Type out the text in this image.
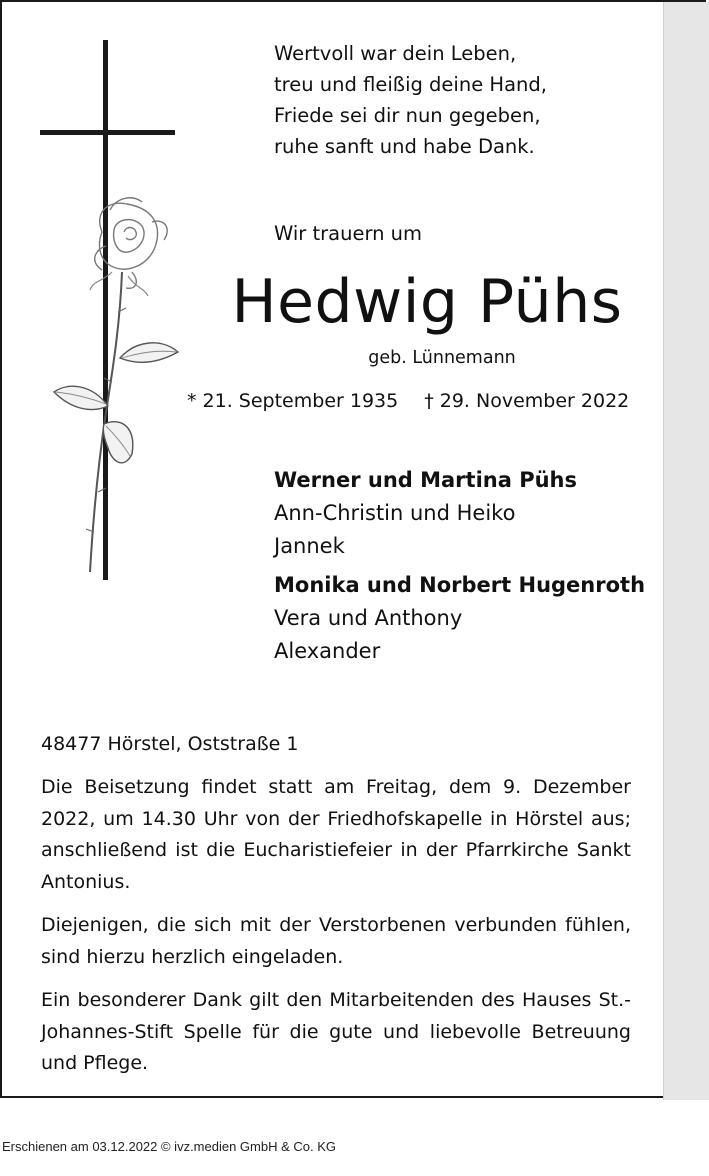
Wertvoll war dein Leben,

treu und fleißig deine Hand,

Friede sei dir nun gegeben,

ruhe sanft und habe Dank.

Wir trauern um
Hedwig Pühs
geb. Lünnemann
* 21. September 1935 † 29. November 2022
Werner und Martina Pühs
Ann-Christin und Heiko
Jannek
Monika und Norbert Hugenroth
Vera und Anthony
Alexander
48477 Hörstel, Oststraße 1

Die Beisetzung findet statt am Freitag, dem 9. Dezember 2022, um 14.30 Uhr von der Friedhofskapelle in Hörstel aus; anschließend ist die Eucharistiefeier in der Pfarrkirche Sankt Antonius.

Diejenigen, die sich mit der Verstorbenen verbunden fühlen, sind hierzu herzlich eingeladen.

Ein besonderer Dank gilt den Mitarbeitenden des Hauses St.-Johannes-Stift Spelle für die gute und liebevolle Betreuung und Pflege.

Erschienen am 03.12.2022 © ivz.medien GmbH & Co. KG
